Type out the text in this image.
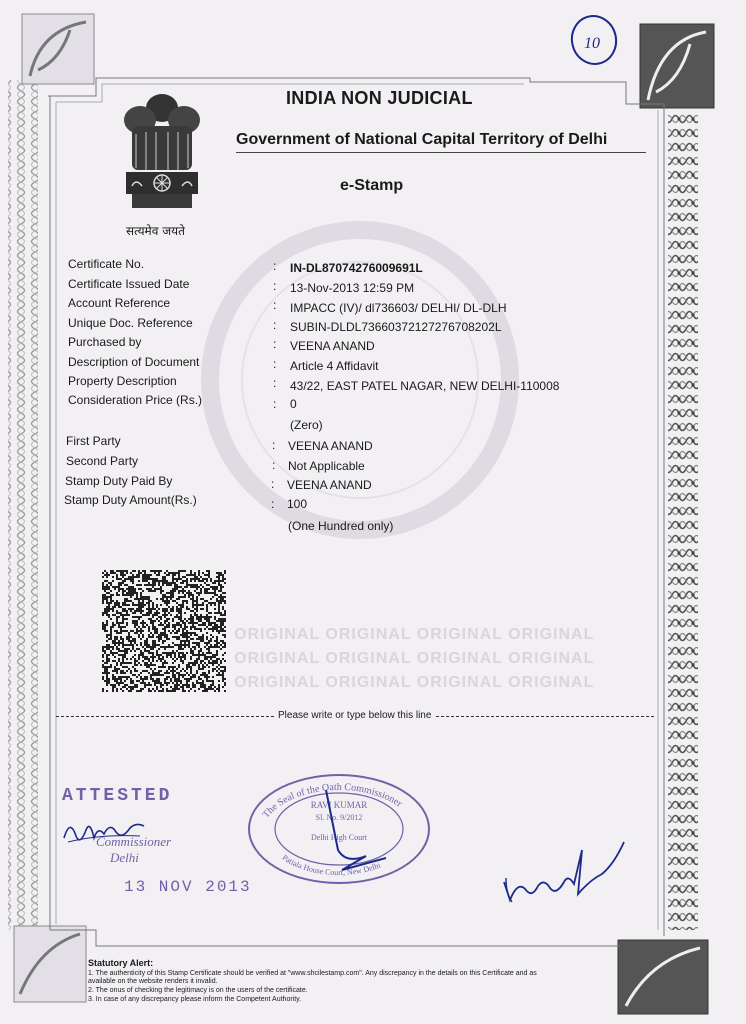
सत्यमेव जयते
INDIA NON JUDICIAL
Government of National Capital Territory of Delhi
e-Stamp
10
Certificate No.	: IN-DL87074276009691L
Certificate Issued Date	: 13-Nov-2013 12:59 PM
Account Reference	: IMPACC (IV)/ dl736603/ DELHI/ DL-DLH
Unique Doc. Reference	: SUBIN-DLDL73660372127276708202L
Purchased by	: VEENA ANAND
Description of Document	: Article 4 Affidavit
Property Description	: 43/22, EAST PATEL NAGAR, NEW DELHI-110008
Consideration Price (Rs.)	: 0
(Zero)
First Party	: VEENA ANAND
Second Party	: Not Applicable
Stamp Duty Paid By	: VEENA ANAND
Stamp Duty Amount(Rs.)	: 100
(One Hundred only)
ORIGINAL ORIGINAL ORIGINAL ORIGINAL
ORIGINAL ORIGINAL ORIGINAL ORIGINAL
ORIGINAL ORIGINAL ORIGINAL ORIGINAL
Please write or type below this line
ATTESTED
Commissioner
Delhi
13 NOV 2013
The Seal of the Oath Commissioner
Patiala House Court, New Delhi
RAVI KUMAR
Sl. No. 9/2012
Delhi High Court
Statutory Alert:
1. The authenticity of this Stamp Certificate should be verified at "www.shcilestamp.com". Any discrepancy in the details on this Certificate and as
available on the website renders it invalid.
2. The onus of checking the legitimacy is on the users of the certificate.
3. In case of any discrepancy please inform the Competent Authority.
